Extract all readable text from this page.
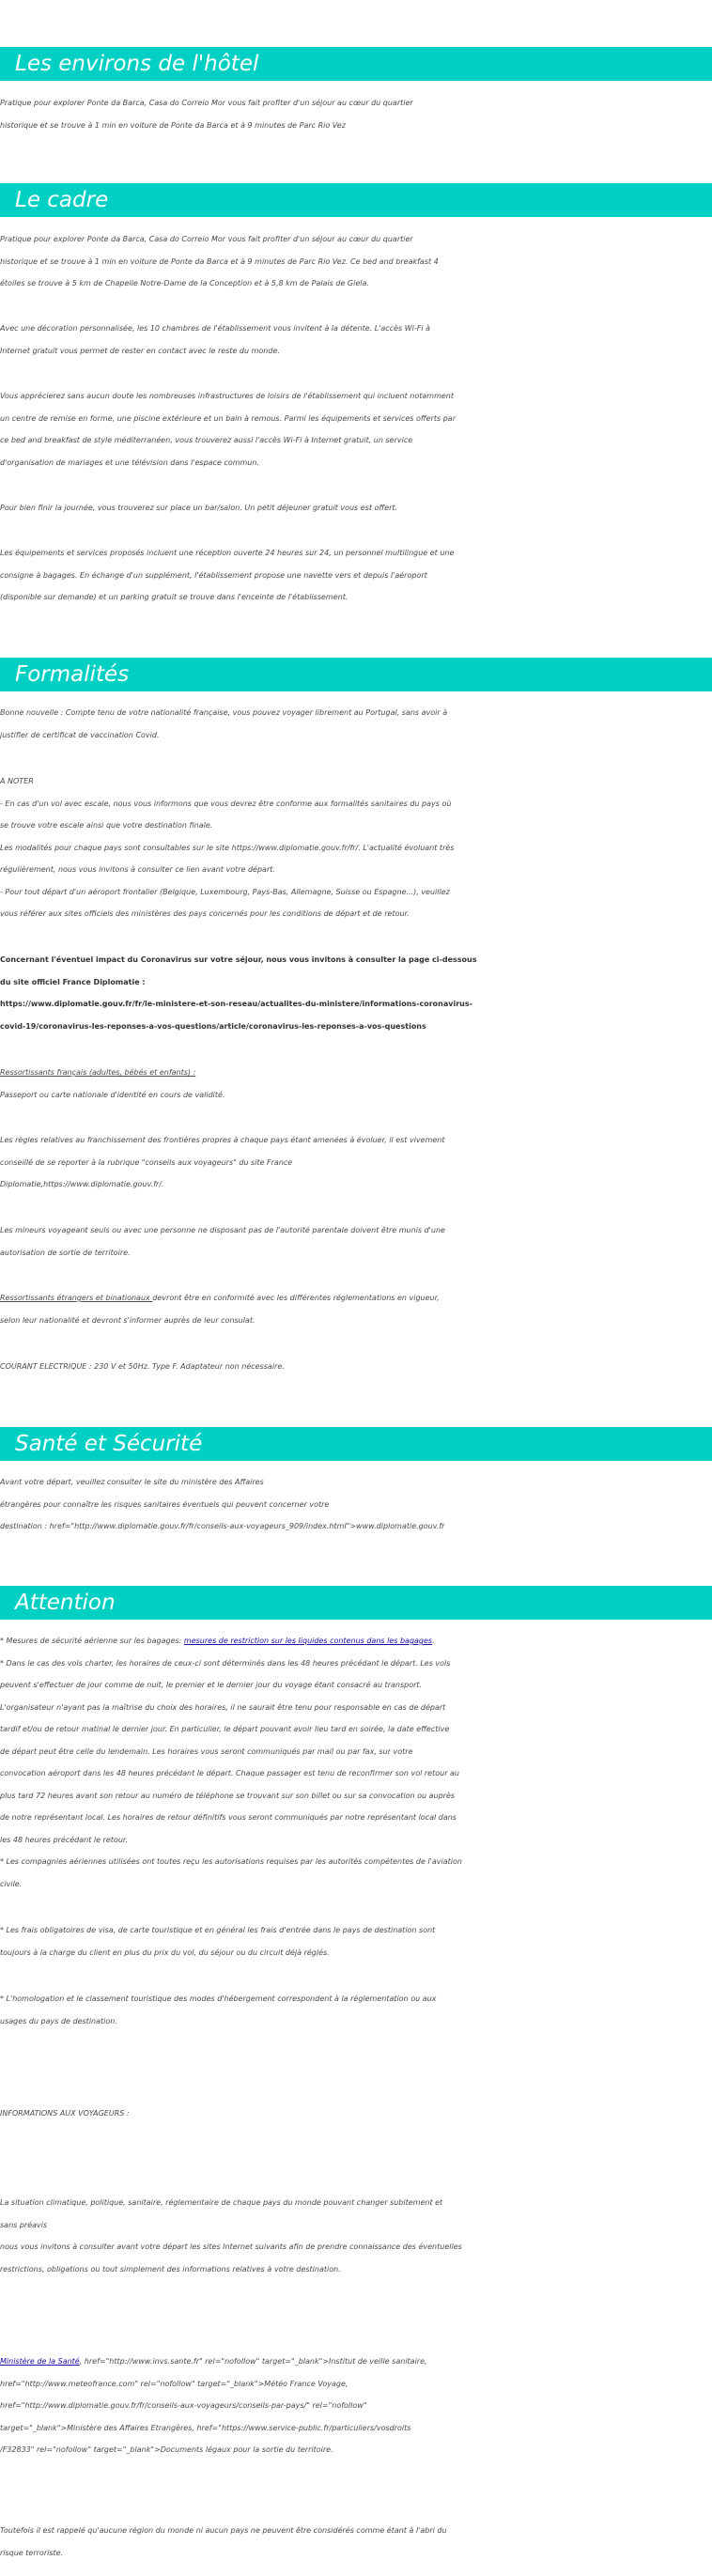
Les environs de l'hôtel
Pratique pour explorer Ponte da Barca, Casa do Correio Mor vous fait profiter d'un séjour au cœur du quartier
historique et se trouve à 1 min en voiture de Ponte da Barca et à 9 minutes de Parc Rio Vez
Le cadre
Pratique pour explorer Ponte da Barca, Casa do Correio Mor vous fait profiter d'un séjour au cœur du quartier
historique et se trouve à 1 min en voiture de Ponte da Barca et à 9 minutes de Parc Rio Vez. Ce bed and breakfast 4
étoiles se trouve à 5 km de Chapelle Notre-Dame de la Conception et à 5,8 km de Palais de Giela.
Avec une décoration personnalisée, les 10 chambres de l'établissement vous invitent à la détente. L'accès Wi-Fi à
Internet gratuit vous permet de rester en contact avec le reste du monde.
Vous apprécierez sans aucun doute les nombreuses infrastructures de loisirs de l'établissement qui incluent notamment
un centre de remise en forme, une piscine extérieure et un bain à remous. Parmi les équipements et services offerts par
ce bed and breakfast de style méditerranéen, vous trouverez aussi l'accès Wi-Fi à Internet gratuit, un service
d'organisation de mariages et une télévision dans l'espace commun.
Pour bien finir la journée, vous trouverez sur place un bar/salon. Un petit déjeuner gratuit vous est offert.
Les équipements et services proposés incluent une réception ouverte 24 heures sur 24, un personnel multilingue et une
consigne à bagages. En échange d'un supplément, l'établissement propose une navette vers et depuis l'aéroport
(disponible sur demande) et un parking gratuit se trouve dans l'enceinte de l'établissement.
Formalités
Bonne nouvelle : Compte tenu de votre nationalité française, vous pouvez voyager librement au Portugal, sans avoir à
justifier de certificat de vaccination Covid.
A NOTER
- En cas d'un vol avec escale, nous vous informons que vous devrez être conforme aux formalités sanitaires du pays où
se trouve votre escale ainsi que votre destination finale.
Les modalités pour chaque pays sont consultables sur le site https://www.diplomatie.gouv.fr/fr/. L'actualité évoluant très
régulièrement, nous vous invitons à consulter ce lien avant votre départ.
- Pour tout départ d'un aéroport frontalier (Belgique, Luxembourg, Pays-Bas, Allemagne, Suisse ou Espagne...), veuillez
vous référer aux sites officiels des ministères des pays concernés pour les conditions de départ et de retour.
Concernant l'éventuel impact du Coronavirus sur votre séjour, nous vous invitons à consulter la page ci-dessous
du site officiel France Diplomatie :
https://www.diplomatie.gouv.fr/fr/le-ministere-et-son-reseau/actualites-du-ministere/informations-coronavirus-
covid-19/coronavirus-les-reponses-a-vos-questions/article/coronavirus-les-reponses-a-vos-questions
Ressortissants français (adultes, bébés et enfants) :
Passeport ou carte nationale d'identité en cours de validité.
Les règles relatives au franchissement des frontières propres à chaque pays étant amenées à évoluer, il est vivement
conseillé de se reporter à la rubrique "conseils aux voyageurs" du site France
Diplomatie,https://www.diplomatie.gouv.fr/.
Les mineurs voyageant seuls ou avec une personne ne disposant pas de l'autorité parentale doivent être munis d'une
autorisation de sortie de territoire.
Ressortissants étrangers et binationaux devront être en conformité avec les différentes réglementations en vigueur,
selon leur nationalité et devront s'informer auprès de leur consulat.
COURANT ELECTRIQUE : 230 V et 50Hz. Type F. Adaptateur non nécessaire.
Santé et Sécurité
Avant votre départ, veuillez consulter le site du ministère des Affaires
étrangères pour connaître les risques sanitaires éventuels qui peuvent concerner votre
destination : href="http://www.diplomatie.gouv.fr/fr/conseils-aux-voyageurs_909/index.html">www.diplomatie.gouv.fr
Attention
* Mesures de sécurité aérienne sur les bagages: mesures de restriction sur les liquides contenus dans les bagages.
* Dans le cas des vols charter, les horaires de ceux-ci sont déterminés dans les 48 heures précédant le départ. Les vols
peuvent s'effectuer de jour comme de nuit, le premier et le dernier jour du voyage étant consacré au transport.
L'organisateur n'ayant pas la maîtrise du choix des horaires, il ne saurait être tenu pour responsable en cas de départ
tardif et/ou de retour matinal le dernier jour. En particulier, le départ pouvant avoir lieu tard en soirée, la date effective
de départ peut être celle du lendemain. Les horaires vous seront communiqués par mail ou par fax, sur votre
convocation aéroport dans les 48 heures précédant le départ. Chaque passager est tenu de reconfirmer son vol retour au
plus tard 72 heures avant son retour au numéro de téléphone se trouvant sur son billet ou sur sa convocation ou auprès
de notre représentant local. Les horaires de retour définitifs vous seront communiqués par notre représentant local dans
les 48 heures précédant le retour.
* Les compagnies aériennes utilisées ont toutes reçu les autorisations requises par les autorités compétentes de l'aviation
civile.
* Les frais obligatoires de visa, de carte touristique et en général les frais d'entrée dans le pays de destination sont
toujours à la charge du client en plus du prix du vol, du séjour ou du circuit déjà réglés.
* L'homologation et le classement touristique des modes d'hébergement correspondent à la réglementation ou aux
usages du pays de destination.
INFORMATIONS AUX VOYAGEURS :
La situation climatique, politique, sanitaire, réglementaire de chaque pays du monde pouvant changer subitement et
sans préavis
nous vous invitons à consulter avant votre départ les sites Internet suivants afin de prendre connaissance des éventuelles
restrictions, obligations ou tout simplement des informations relatives à votre destination.
Ministère de la Santé, href="http://www.invs.sante.fr" rel="nofollow" target="_blank">Institut de veille sanitaire,
href="http://www.meteofrance.com" rel="nofollow" target="_blank">Météo France Voyage,
href="http://www.diplomatie.gouv.fr/fr/conseils-aux-voyageurs/conseils-par-pays/" rel="nofollow"
target="_blank">Ministère des Affaires Etrangères, href="https://www.service-public.fr/particuliers/vosdroits
/F32833" rel="nofollow" target="_blank">Documents légaux pour la sortie du territoire.
Toutefois il est rappelé qu'aucune région du monde ni aucun pays ne peuvent être considérés comme étant à l'abri du
risque terroriste.
